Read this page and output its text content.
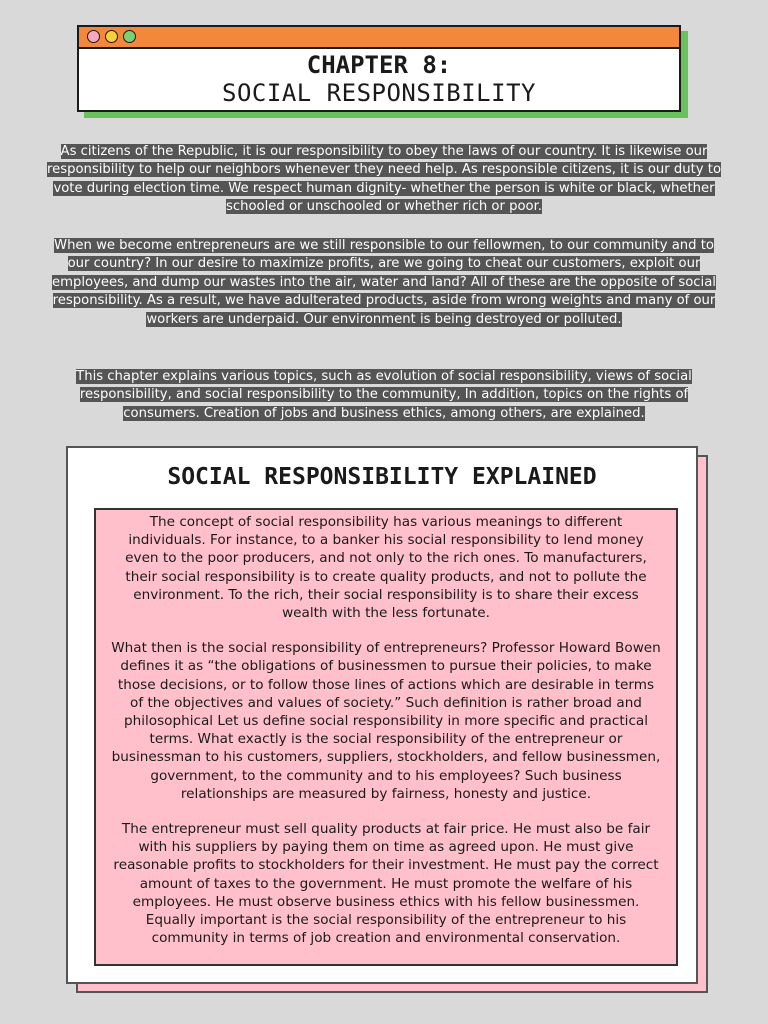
CHAPTER 8:
SOCIAL RESPONSIBILITY

As citizens of the Republic, it is our responsibility to obey the laws of our country. It is likewise our responsibility to help our neighbors whenever they need help. As responsible citizens, it is our duty to vote during election time. We respect human dignity- whether the person is white or black, whether schooled or unschooled or whether rich or poor.

When we become entrepreneurs are we still responsible to our fellowmen, to our community and to our country? In our desire to maximize profits, are we going to cheat our customers, exploit our employees, and dump our wastes into the air, water and land? All of these are the opposite of social responsibility. As a result, we have adulterated products, aside from wrong weights and many of our workers are underpaid. Our environment is being destroyed or polluted.

This chapter explains various topics, such as evolution of social responsibility, views of social responsibility, and social responsibility to the community, In addition, topics on the rights of consumers. Creation of jobs and business ethics, among others, are explained.

SOCIAL RESPONSIBILITY EXPLAINED

The concept of social responsibility has various meanings to different individuals. For instance, to a banker his social responsibility to lend money even to the poor producers, and not only to the rich ones. To manufacturers, their social responsibility is to create quality products, and not to pollute the environment. To the rich, their social responsibility is to share their excess wealth with the less fortunate.

What then is the social responsibility of entrepreneurs? Professor Howard Bowen defines it as “the obligations of businessmen to pursue their policies, to make those decisions, or to follow those lines of actions which are desirable in terms of the objectives and values of society.” Such definition is rather broad and philosophical Let us define social responsibility in more specific and practical terms. What exactly is the social responsibility of the entrepreneur or businessman to his customers, suppliers, stockholders, and fellow businessmen, government, to the community and to his employees? Such business relationships are measured by fairness, honesty and justice.

The entrepreneur must sell quality products at fair price. He must also be fair with his suppliers by paying them on time as agreed upon. He must give reasonable profits to stockholders for their investment. He must pay the correct amount of taxes to the government. He must promote the welfare of his employees. He must observe business ethics with his fellow businessmen. Equally important is the social responsibility of the entrepreneur to his community in terms of job creation and environmental conservation.
